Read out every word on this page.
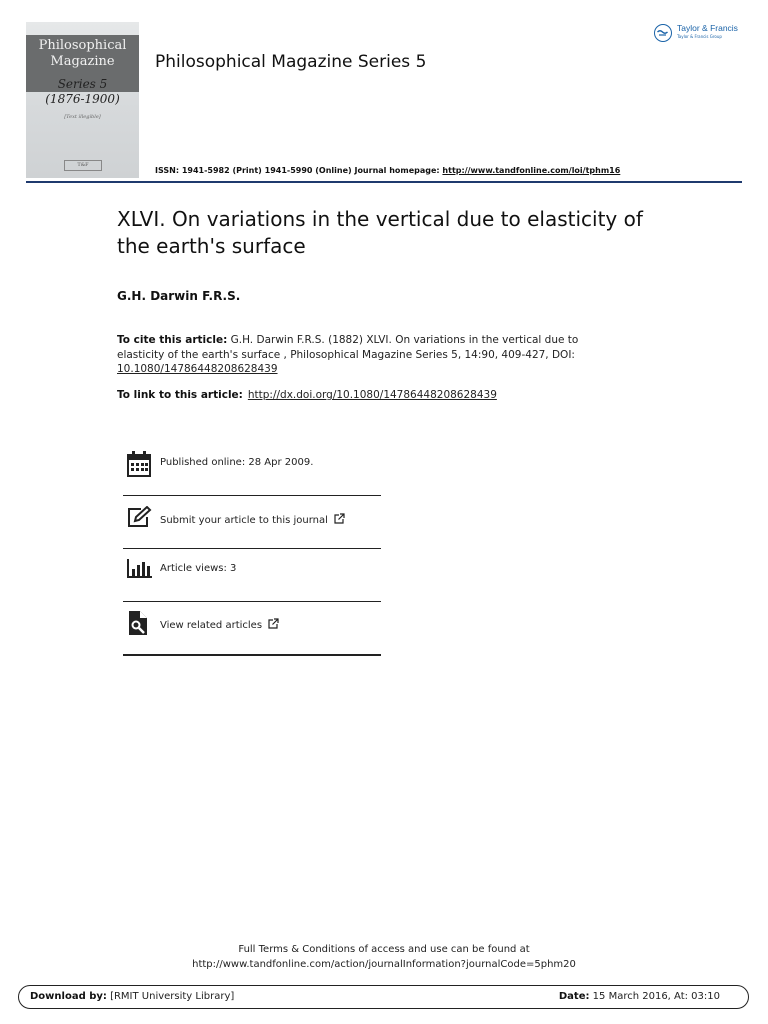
Philosophical
Magazine
Series 5
(1876-1900)
[Text illegible]
T&F
Philosophical Magazine Series 5
ISSN: 1941-5982 (Print) 1941-5990 (Online) Journal homepage: http://www.tandfonline.com/loi/tphm16
Taylor & Francis
Taylor & Francis Group
XLVI. On variations in the vertical due to elasticity of the earth's surface
G.H. Darwin F.R.S.
To cite this article: G.H. Darwin F.R.S. (1882) XLVI. On variations in the vertical due to elasticity of the earth's surface , Philosophical Magazine Series 5, 14:90, 409-427, DOI: 10.1080/14786448208628439
To link to this article: http://dx.doi.org/10.1080/14786448208628439
Published online: 28 Apr 2009.
Submit your article to this journal
Article views: 3
View related articles
Full Terms & Conditions of access and use can be found at
http://www.tandfonline.com/action/journalInformation?journalCode=5phm20
Download by: [RMIT University Library]	Date: 15 March 2016, At: 03:10
